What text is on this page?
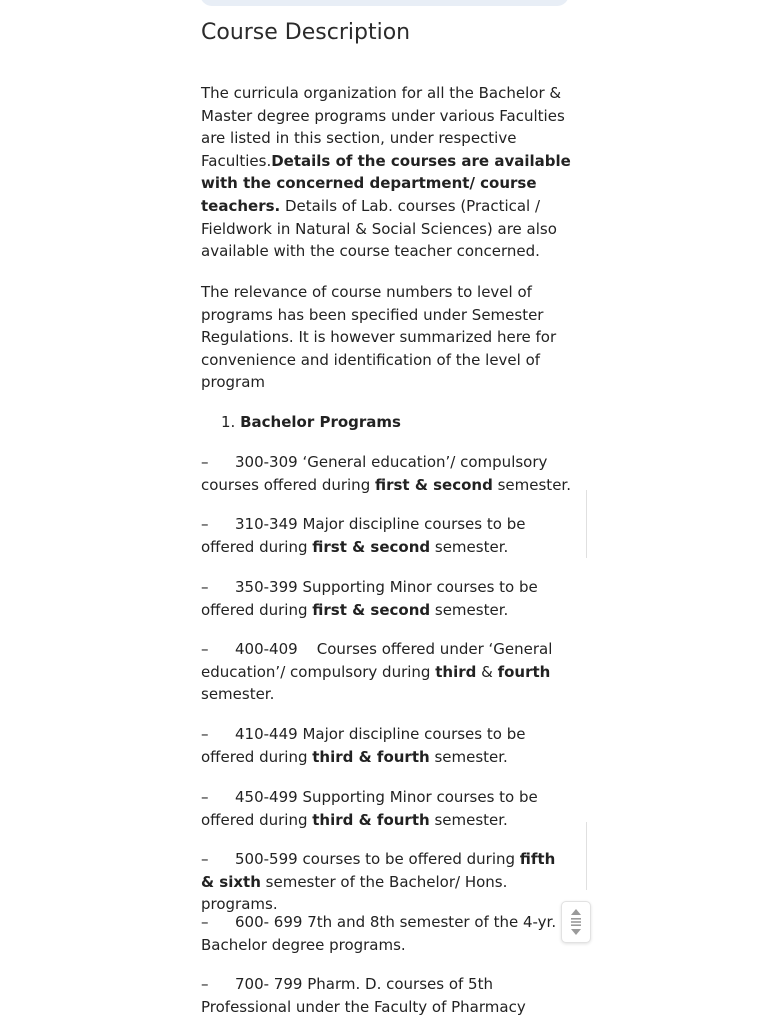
Course Description

The curricula organization for all the Bachelor & Master degree programs under various Faculties are listed in this section, under respective Faculties.Details of the courses are available with the concerned department/ course teachers. Details of Lab. courses (Practical / Fieldwork in Natural & Social Sciences) are also available with the course teacher concerned.

The relevance of course numbers to level of programs has been specified under Semester Regulations. It is however summarized here for convenience and identification of the level of program

1. Bachelor Programs

– 300-309 ‘General education’/ compulsory courses offered during first & second semester.

– 310-349 Major discipline courses to be offered during first & second semester.

– 350-399 Supporting Minor courses to be offered during first & second semester.

– 400-409    Courses offered under ‘General education’/ compulsory during third & fourth semester.

– 410-449 Major discipline courses to be offered during third & fourth semester.

– 450-499 Supporting Minor courses to be offered during third & fourth semester.

– 500-599 courses to be offered during fifth & sixth semester of the Bachelor/ Hons. programs.

– 600- 699 7th and 8th semester of the 4-yr. Bachelor degree programs.

– 700- 799 Pharm. D. courses of 5th Professional under the Faculty of Pharmacy
